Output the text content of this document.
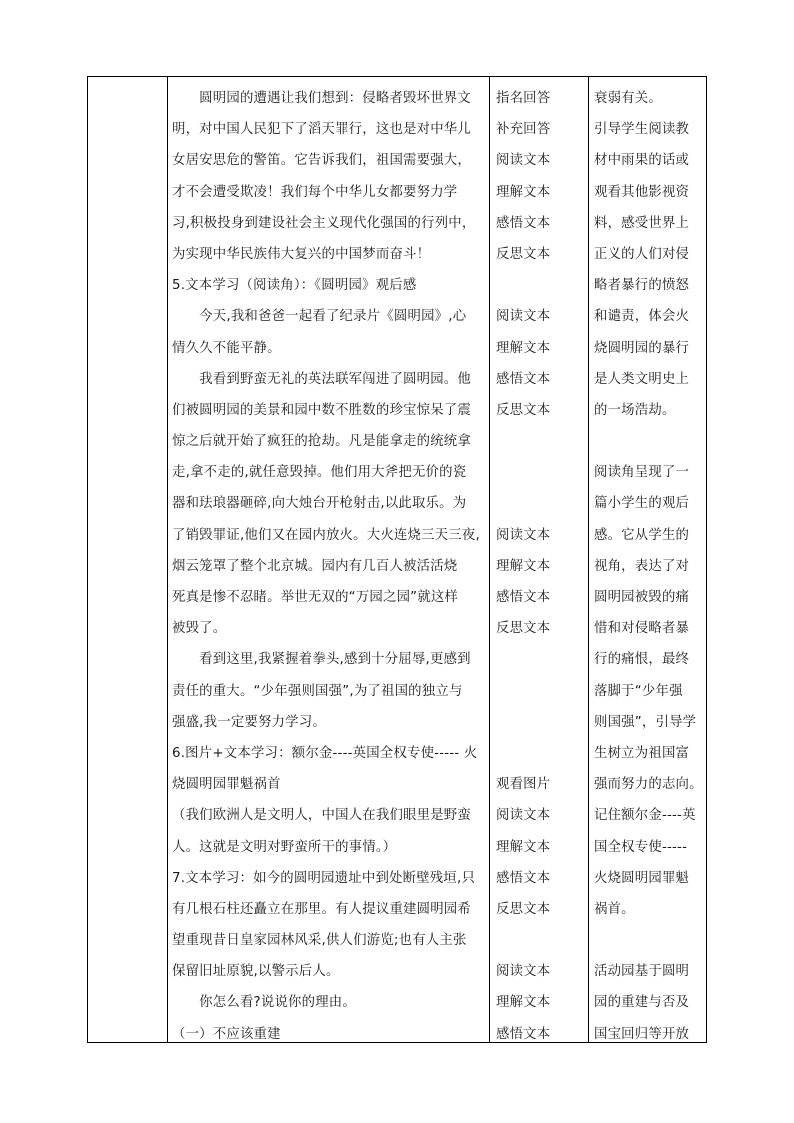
　　圆明园的遭遇让我们想到：侵略者毁坏世界文
明，对中国人民犯下了滔天罪行，这也是对中华儿
女居安思危的警笛。它告诉我们，祖国需要强大，
才不会遭受欺凌！我们每个中华儿女都要努力学
习,积极投身到建设社会主义现代化强国的行列中，
为实现中华民族伟大复兴的中国梦而奋斗！
5.文本学习（阅读角）：《圆明园》观后感
　　今天,我和爸爸一起看了纪录片《圆明园》,心
情久久不能平静。
　　我看到野蛮无礼的英法联军闯进了圆明园。他
们被圆明园的美景和园中数不胜数的珍宝惊呆了震
惊之后就开始了疯狂的抢劫。凡是能拿走的统统拿
走,拿不走的,就任意毁掉。他们用大斧把无价的瓷
器和珐琅器砸碎,向大烛台开枪射击,以此取乐。为
了销毁罪证,他们又在园内放火。大火连烧三天三夜,
烟云笼罩了整个北京城。园内有几百人被活活烧
死真是惨不忍睹。举世无双的“万园之园”就这样
被毁了。
　　看到这里,我紧握着拳头,感到十分屈辱,更感到
责任的重大。“少年强则国强”,为了祖国的独立与
强盛,我一定要努力学习。
6.图片+文本学习：额尔金----英国全权专使----- 火
烧圆明园罪魁祸首
（我们欧洲人是文明人，中国人在我们眼里是野蛮
人。这就是文明对野蛮所干的事情。）
7.文本学习：如今的圆明园遗址中到处断壁残垣,只
有几根石柱还矗立在那里。有人提议重建圆明园希
望重现昔日皇家园林风采,供人们游览;也有人主张
保留旧址原貌,以警示后人。
　　你怎么看?说说你的理由。
（一）不应该重建
指名回答
补充回答
阅读文本
理解文本
感悟文本
反思文本
阅读文本
理解文本
感悟文本
反思文本
阅读文本
理解文本
感悟文本
反思文本
观看图片
阅读文本
理解文本
感悟文本
反思文本
阅读文本
理解文本
感悟文本
衰弱有关。
引导学生阅读教
材中雨果的话或
观看其他影视资
料，感受世界上
正义的人们对侵
略者暴行的愤怒
和谴责，体会火
烧圆明园的暴行
是人类文明史上
的一场浩劫。
阅读角呈现了一
篇小学生的观后
感。它从学生的
视角，表达了对
圆明园被毁的痛
惜和对侵略者暴
行的痛恨，最终
落脚于“少年强
则国强”，引导学
生树立为祖国富
强而努力的志向。
记住额尔金----英
国全权专使-----
火烧圆明园罪魁
祸首。
活动园基于圆明
园的重建与否及
国宝回归等开放
